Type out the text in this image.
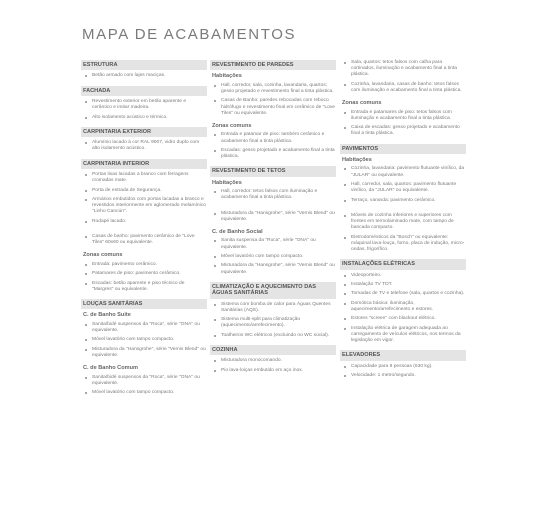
MAPA DE ACABAMENTOS
ESTRUTURA
Betão armado com lajes maciças.
FACHADA
Revestimento exterior em betão aparente e cerâmico e imitar madeira.
Alto isolamento acústico e térmico.
CARPINTARIA EXTERIOR
Alumínio lacado à cor RAL 9007, vidro duplo com alto isolamento acústico.
CARPINTARIA INTERIOR
Portas lisas lacadas a branco com ferragens cromadas mate.
Porta de entrada de Segurança.
Armários embutidos com portas lacadas a branco e revestidos interiormente em aglomerado melamínico "Linho Cancún".
Rodapé lacado.
Casas de banho: pavimento cerâmico de "Love Tiles" 60x60 ou equivalente.
Zonas comuns
Entrada: pavimento cerâmico.
Patamares de piso: pavimento cerâmico.
Escadas: betão aparente e piso técnico de "Margres" ou equivalente.
LOUÇAS SANITÁRIAS
C. de Banho Suite
Sanita/bidé suspensos da "Roca", série "ONA" ou equivalente.
Móvel lavatório com tampo compacto.
Misturadora da "Hansgrohe", série "Vernis Blend" ou equivalente.
C. de Banho Comum
Sanita/bidé suspensos da "Roca", série "ONA" ou equivalente.
Móvel lavatório com tampo compacto.
REVESTIMENTO DE PAREDES
Habitações
Hall, corredor, sala, cozinha, lavandaria, quartos; gesso projetado e revestimento final a tinta plástica.
Casas de Banho: paredes rebocadas com reboco hidrófugo e revestimento final em cerâmico de "Love Tiles" ou equivalente.
Zonas comuns
Entrada e patamar de piso: também cerâmico e acabamento final a tinta plástica.
Escadas: gesso projetado e acabamento final a tinta plástica.
REVESTIMENTO DE TETOS
Habitações
Hall, corredor: tetos falsos com iluminação e acabamento final a tinta plástica.
Misturadora da "Hansgrohe", série "Vernis Blend" ou equivalente.
C. de Banho Social
Sanita suspensa da "Roca", série "ONA" ou equivalente.
Móvel lavatório com tampo compacto.
Misturadora da "Hansgrohe", série "Vernis Blend" ou equivalente.
CLIMATIZAÇÃO E AQUECIMENTO DAS ÁGUAS SANITÁRIAS
Sistema com bomba de calor para Águas Quentes Sanitárias (AQS).
Sistema multi-split para climatização (aquecimento/arrefecimento).
Toalheiros WC elétricos (excluindo no WC social).
COZINHA
Misturadora monocomando.
Pio lava-loiças embutido em aço inox.
Sala, quartos: tetos falsos com calha para cortinados, iluminação e acabamento final a tinta plástica.
Cozinha, lavandaria, casas de banho: tetos falsos com iluminação e acabamento final a tinta plástica.
Zonas comuns
Entrada e patamares de piso: tetos falsos com iluminação e acabamento final a tinta plástica.
Caixa de escadas: gesso projetado e acabamento final a tinta plástica.
PAVIMENTOS
Habitações
Cozinha, lavandaria: pavimento flutuante vinílico, da "JULAR" ou equivalente.
Hall, corredor, sala, quartos: pavimento flutuante vinílico, da "JULAR" ou equivalente.
Terraço, varanda: pavimento cerâmico.
Móveis de cozinha inferiores e superiores com frentes em termolaminado mate, com tampo de bancada compacto.
Eletrodomésticos da "Bosch" ou equivalente: máquinal lava-louça, forno, placa de indução, micro-ondas, frigorífico.
INSTALAÇÕES ELÉTRICAS
Videoporteiro.
Instalação TV TDT.
Tomadas de TV e telefone (sala, quartos e cozinha).
Domótica básica: iluminação, aquecimento/arrefecimento e estores.
Estores "screen" com blackout elétrico.
Instalação elétrica de garagem adequada ao carregamento de veículos elétricos, nos termos da legislação em vigor.
ELEVADORES
Capacidade para 8 pessoas (630 kg).
Velocidade: 1 metro/segundo.
